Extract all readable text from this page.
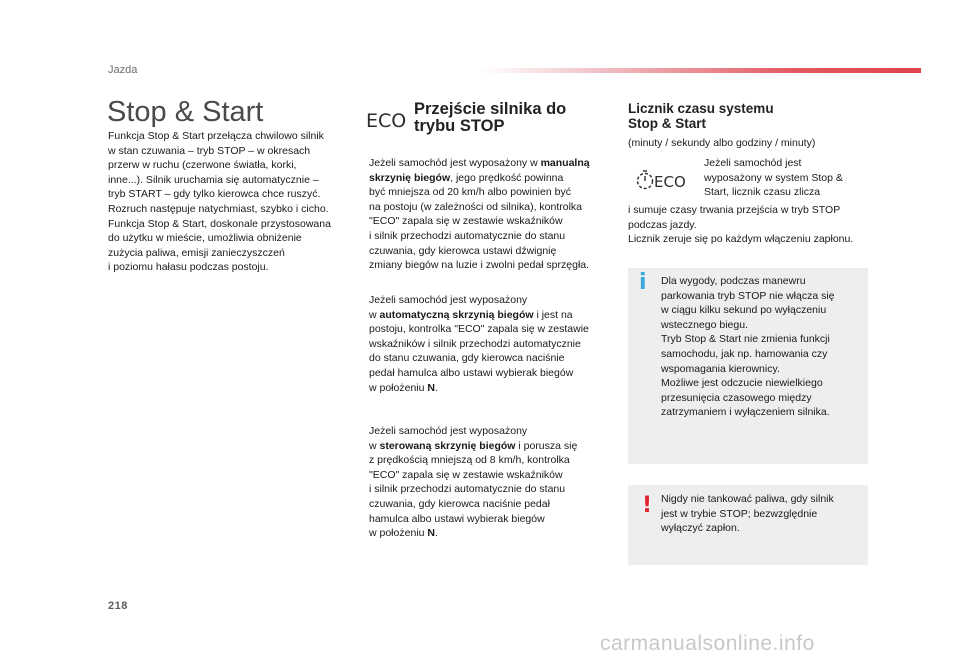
Jazda
Stop & Start
Funkcja Stop & Start przełącza chwilowo silnik
w stan czuwania – tryb STOP – w okresach
przerw w ruchu (czerwone światła, korki,
inne...). Silnik uruchamia się automatycznie –
tryb START – gdy tylko kierowca chce ruszyć.
Rozruch następuje natychmiast, szybko i cicho.
Funkcja Stop & Start, doskonale przystosowana
do użytku w mieście, umożliwia obniżenie
zużycia paliwa, emisji zanieczyszczeń
i poziomu hałasu podczas postoju.
ECO
Przejście silnika do
trybu STOP
Jeżeli samochód jest wyposażony w manualną
skrzynię biegów, jego prędkość powinna
być mniejsza od 20 km/h albo powinien być
na postoju (w zależności od silnika), kontrolka
"ECO" zapala się w zestawie wskaźników
i silnik przechodzi automatycznie do stanu
czuwania, gdy kierowca ustawi dźwignię
zmiany biegów na luzie i zwolni pedał sprzęgła.
Jeżeli samochód jest wyposażony
w automatyczną skrzynią biegów i jest na
postoju, kontrolka "ECO" zapala się w zestawie
wskaźników i silnik przechodzi automatycznie
do stanu czuwania, gdy kierowca naciśnie
pedał hamulca albo ustawi wybierak biegów
w położeniu N.
Jeżeli samochód jest wyposażony
w sterowaną skrzynię biegów i porusza się
z prędkością mniejszą od 8 km/h, kontrolka
"ECO" zapala się w zestawie wskaźników
i silnik przechodzi automatycznie do stanu
czuwania, gdy kierowca naciśnie pedał
hamulca albo ustawi wybierak biegów
w położeniu N.
Licznik czasu systemu
Stop & Start
(minuty / sekundy albo godziny / minuty)
ECO
Jeżeli samochód jest
wyposażony w system Stop &
Start, licznik czasu zlicza
i sumuje czasy trwania przejścia w tryb STOP
podczas jazdy.
Licznik zeruje się po każdym włączeniu zapłonu.
i Dla wygody, podczas manewru
parkowania tryb STOP nie włącza się
w ciągu kilku sekund po wyłączeniu
wstecznego biegu.
Tryb Stop & Start nie zmienia funkcji
samochodu, jak np. hamowania czy
wspomagania kierownicy.
Możliwe jest odczucie niewielkiego
przesunięcia czasowego między
zatrzymaniem i wyłączeniem silnika.
! Nigdy nie tankować paliwa, gdy silnik
jest w trybie STOP; bezwzględnie
wyłączyć zapłon.
218
carmanualsonline.info
